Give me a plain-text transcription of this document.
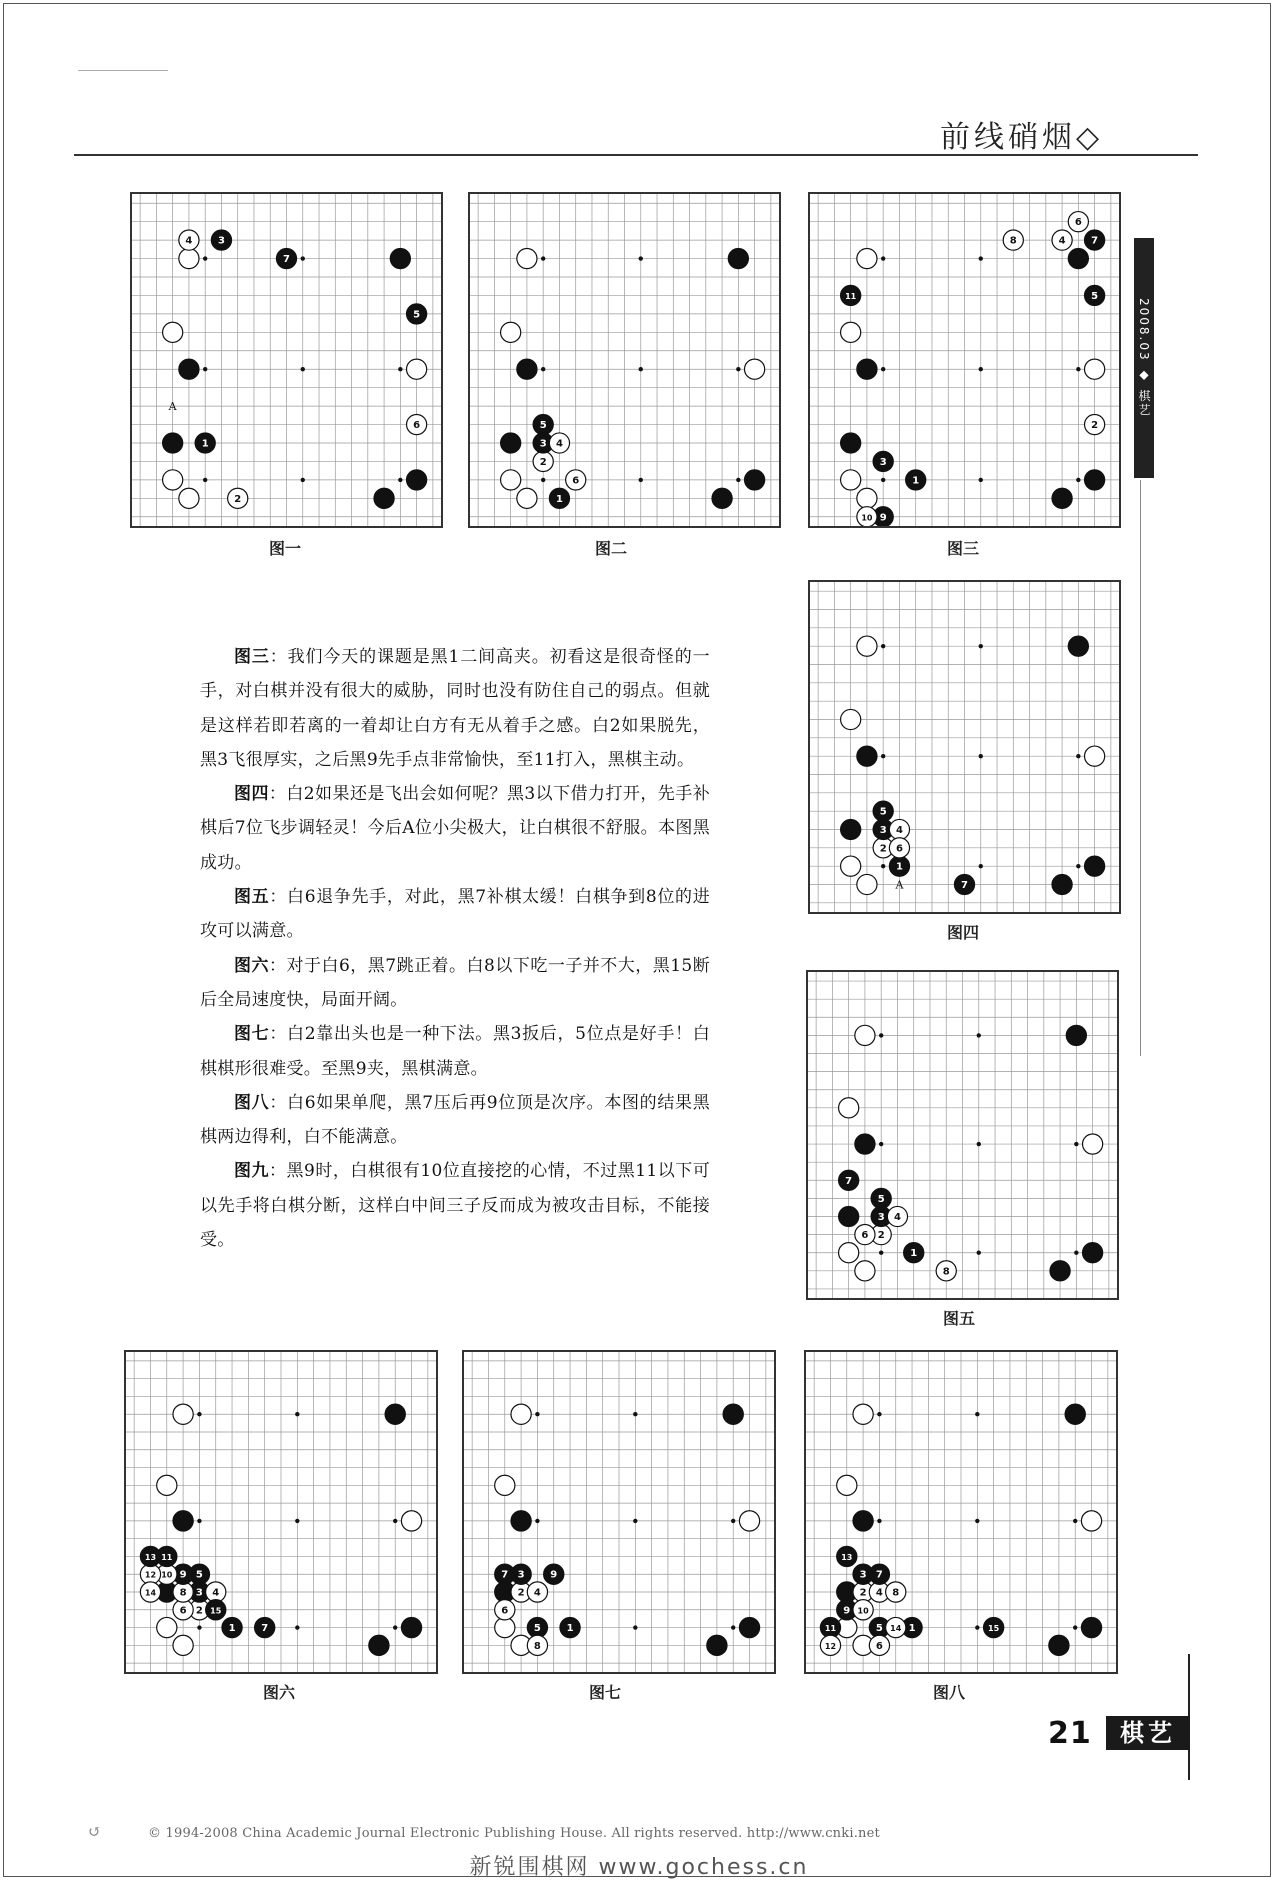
前线硝烟◇
2008.03 ◆ 棋艺
1
2
3
4
5
6
7
A
图一
1
2
3 4
5
6
图二
1
2
3
8	4
5
6
7
9
10
11
图三
1
2
3 4
5
6
7
A
图四
1
2
3 4
5
6
7
8
图五

图三：我们今天的课题是黑1二间高夹。初看这是很奇怪的一手，对白棋并没有很大的威胁，同时也没有防住自己的弱点。但就是这样若即若离的一着却让白方有无从着手之感。白2如果脱先，黑3飞很厚实，之后黑9先手点非常愉快，至11打入，黑棋主动。

图四：白2如果还是飞出会如何呢？黑3以下借力打开，先手补棋后7位飞步调轻灵！今后A位小尖极大，让白棋很不舒服。本图黑成功。

图五：白6退争先手，对此，黑7补棋太缓！白棋争到8位的进攻可以满意。

图六：对于白6，黑7跳正着。白8以下吃一子并不大，黑15断后全局速度快，局面开阔。

图七：白2靠出头也是一种下法。黑3扳后，5位点是好手！白棋棋形很难受。至黑9夹，黑棋满意。

图八：白6如果单爬，黑7压后再9位顶是次序。本图的结果黑棋两边得利，白不能满意。

图九：黑9时，白棋很有10位直接挖的心情，不过黑11以下可以先手将白棋分断，这样白中间三子反而成为被攻击目标，不能接受。

1
2
3 4
5
6
7
8
9
10
11
12
13
14
15
图六
1
2
3
4
5
6
7
8
9
图七
1
2
3
4
5
6
7
8
9 10
11
12
13
14	15
图八
21	棋艺
↺	© 1994-2008 China Academic Journal Electronic Publishing House. All rights reserved. http://www.cnki.net
新锐围棋网 www.gochess.cn
